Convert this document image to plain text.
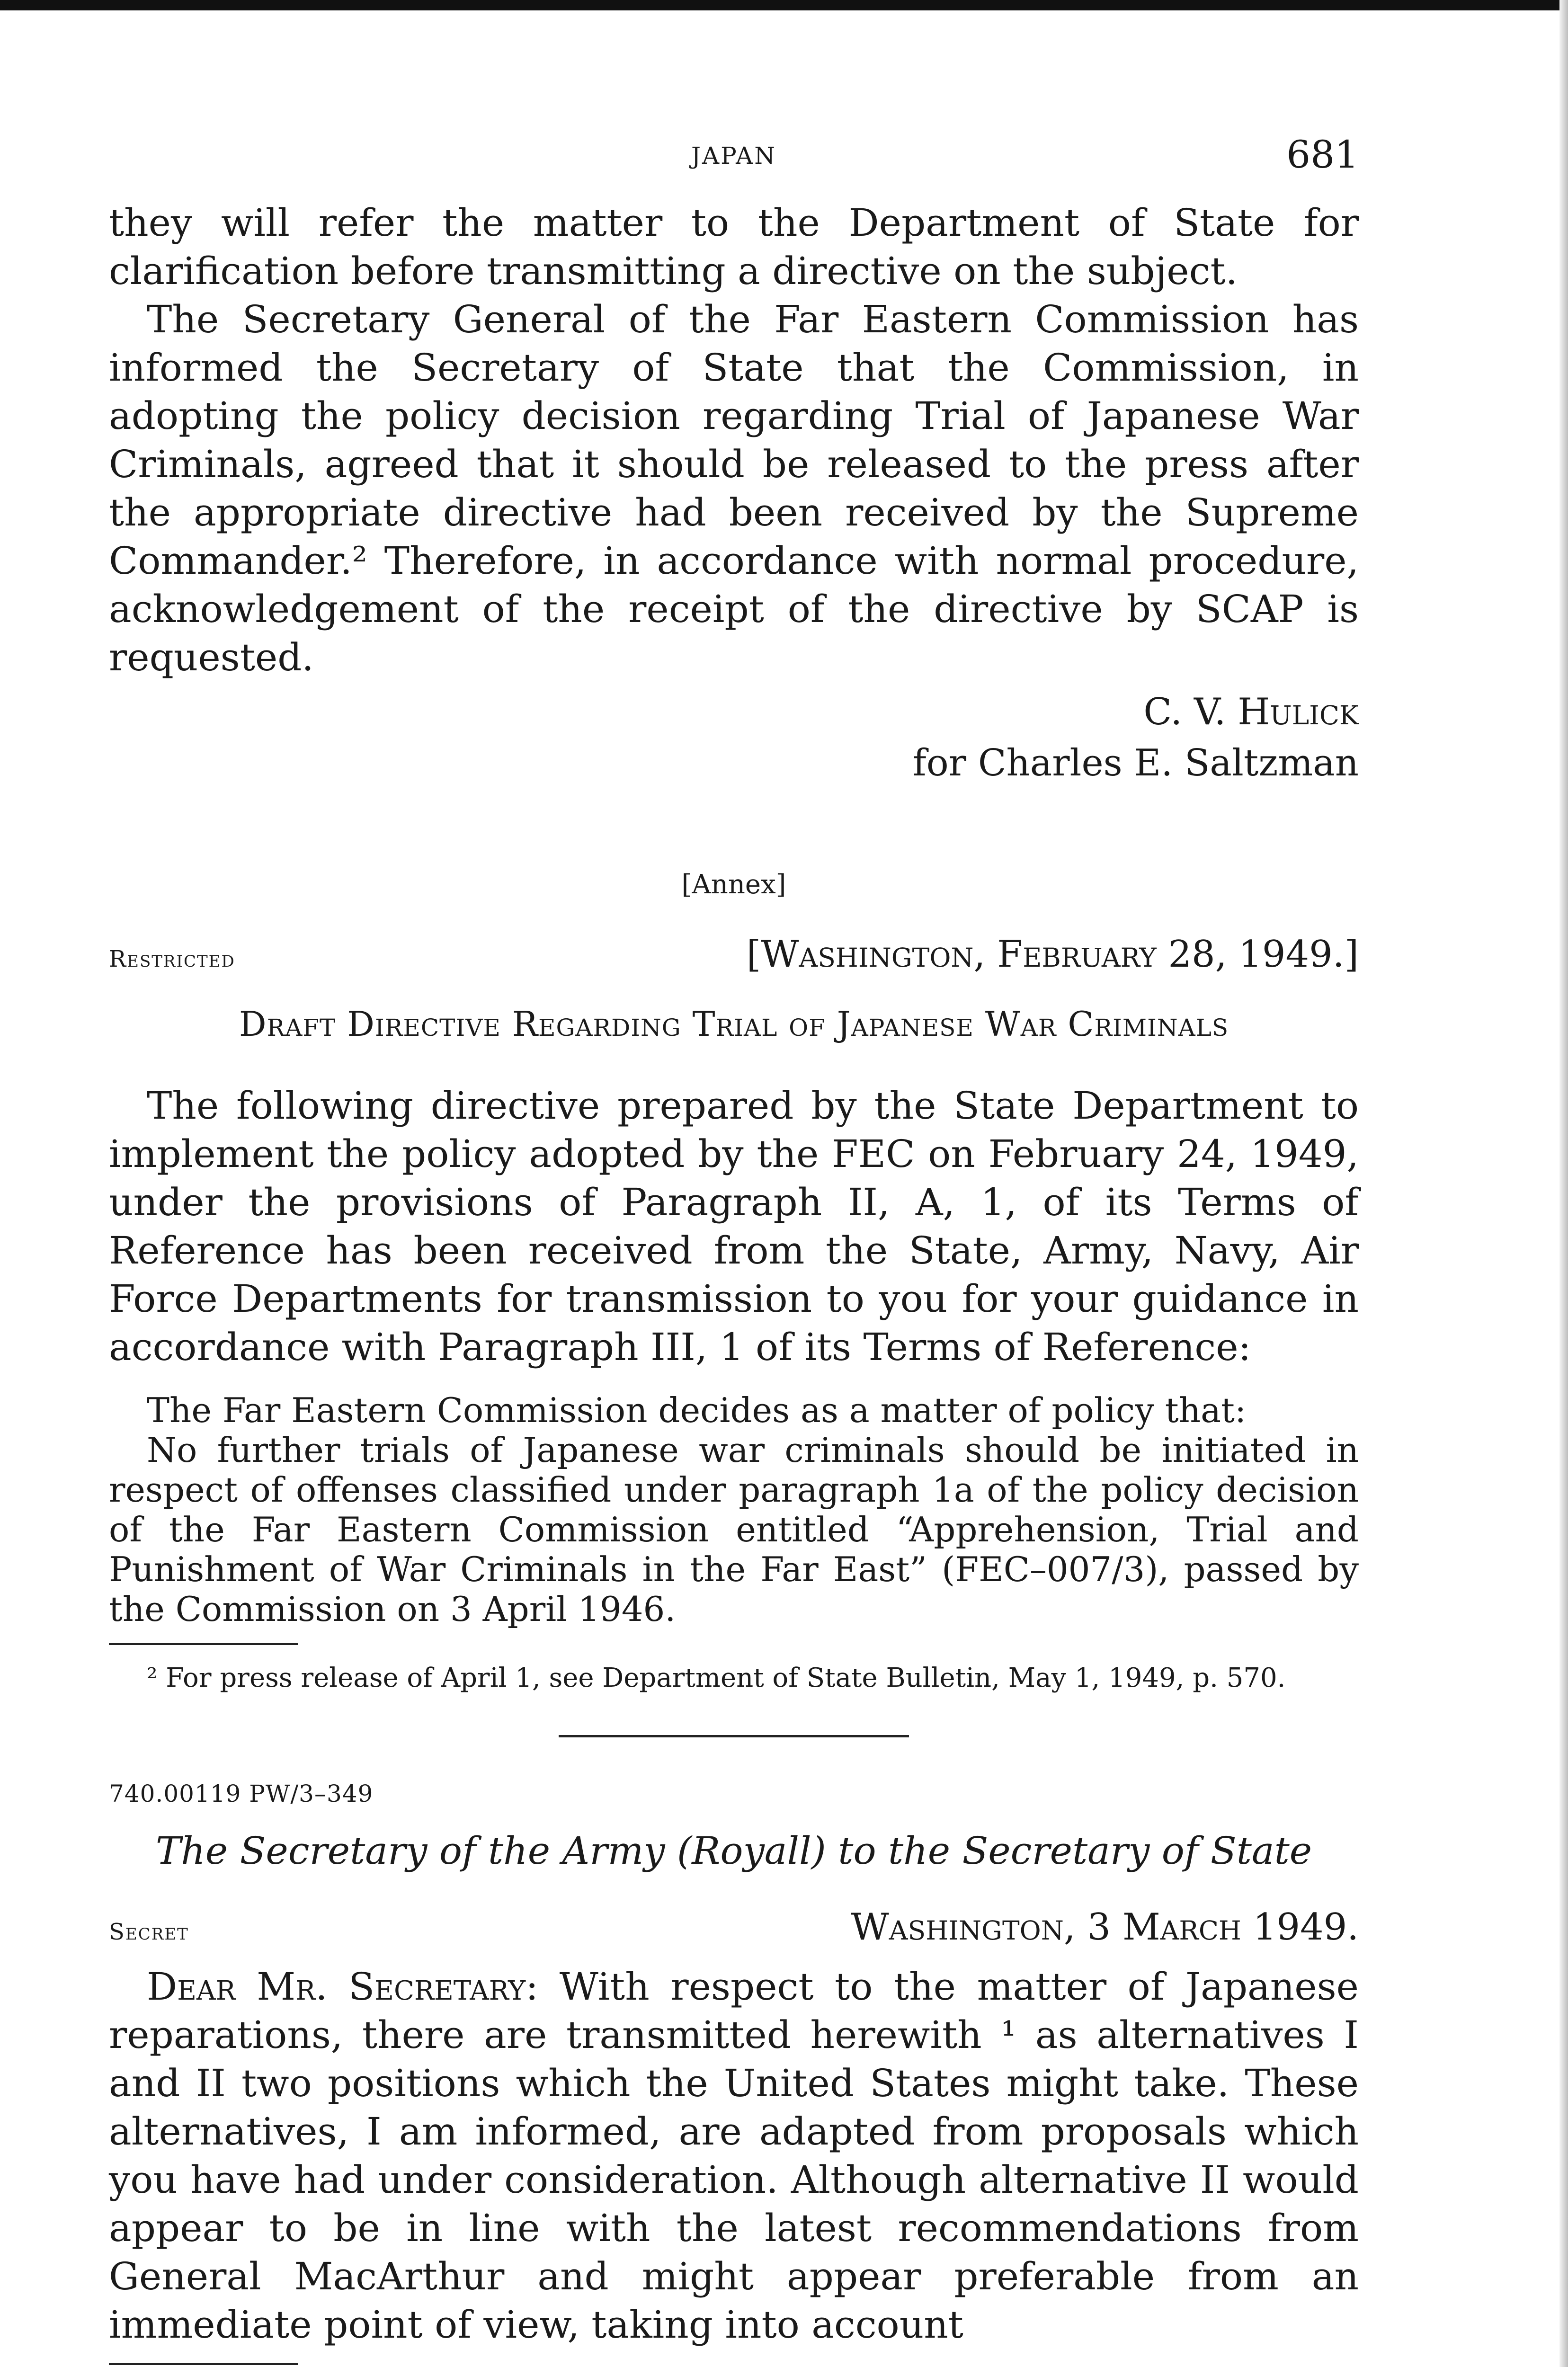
JAPAN	681

they will refer the matter to the Department of State for clarification before transmitting a directive on the subject.

The Secretary General of the Far Eastern Commission has informed the Secretary of State that the Commission, in adopting the policy decision regarding Trial of Japanese War Criminals, agreed that it should be released to the press after the appropriate directive had been received by the Supreme Commander.² Therefore, in accordance with normal procedure, acknowledgement of the receipt of the directive by SCAP is requested.

C. V. Hulick
for Charles E. Saltzman
[Annex]
Restricted	[Washington, February 28, 1949.]
Draft Directive Regarding Trial of Japanese War Criminals

The following directive prepared by the State Department to implement the policy adopted by the FEC on February 24, 1949, under the provisions of Paragraph II, A, 1, of its Terms of Reference has been received from the State, Army, Navy, Air Force Departments for transmission to you for your guidance in accordance with Paragraph III, 1 of its Terms of Reference:

The Far Eastern Commission decides as a matter of policy that:

No further trials of Japanese war criminals should be initiated in respect of offenses classified under paragraph 1a of the policy decision of the Far Eastern Commission entitled “Apprehension, Trial and Punishment of War Criminals in the Far East” (FEC–007/3), passed by the Commission on 3 April 1946.

² For press release of April 1, see Department of State Bulletin, May 1, 1949, p. 570.

740.00119 PW/3–349
The Secretary of the Army (Royall) to the Secretary of State
Secret	Washington, 3 March 1949.

Dear Mr. Secretary: With respect to the matter of Japanese reparations, there are transmitted herewith ¹ as alternatives I and II two positions which the United States might take. These alternatives, I am informed, are adapted from proposals which you have had under consideration. Although alternative II would appear to be in line with the latest recommendations from General MacArthur and might appear preferable from an immediate point of view, taking into account
